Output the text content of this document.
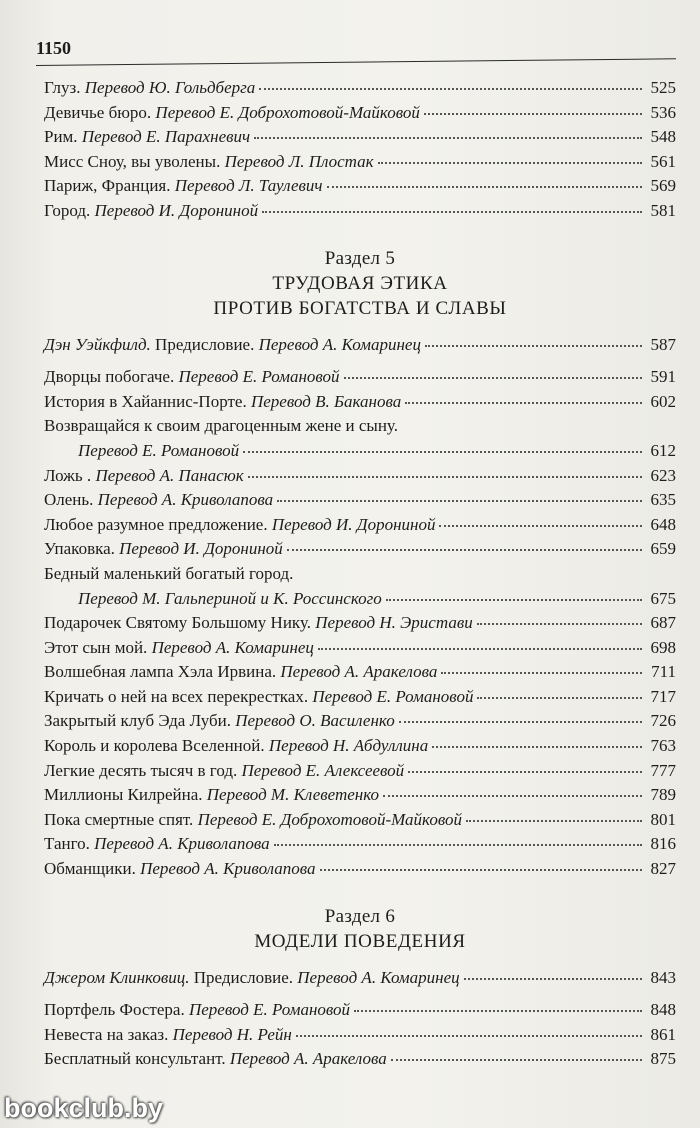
1150
Глуз. Перевод Ю. Гольдберга	525
Девичье бюро. Перевод Е. Доброхотовой-Майковой	536
Рим. Перевод Е. Парахневич	548
Мисс Сноу, вы уволены. Перевод Л. Плостак	561
Париж, Франция. Перевод Л. Таулевич	569
Город. Перевод И. Дорониной	581
Раздел 5
ТРУДОВАЯ ЭТИКА
ПРОТИВ БОГАТСТВА И СЛАВЫ
Дэн Уэйкфилд. Предисловие. Перевод А. Комаринец	587
Дворцы побогаче. Перевод Е. Романовой	591
История в Хайаннис-Порте. Перевод В. Баканова	602
Возвращайся к своим драгоценным жене и сыну.
Перевод Е. Романовой	612
Ложь . Перевод А. Панасюк	623
Олень. Перевод А. Криволапова	635
Любое разумное предложение. Перевод И. Дорониной	648
Упаковка. Перевод И. Дорониной	659
Бедный маленький богатый город.
Перевод М. Гальпериной и К. Россинского	675
Подарочек Святому Большому Нику. Перевод Н. Эристави	687
Этот сын мой. Перевод А. Комаринец	698
Волшебная лампа Хэла Ирвина. Перевод А. Аракелова	711
Кричать о ней на всех перекрестках. Перевод Е. Романовой	717
Закрытый клуб Эда Луби. Перевод О. Василенко	726
Король и королева Вселенной. Перевод Н. Абдуллина	763
Легкие десять тысяч в год. Перевод Е. Алексеевой	777
Миллионы Килрейна. Перевод М. Клеветенко	789
Пока смертные спят. Перевод Е. Доброхотовой-Майковой	801
Танго. Перевод А. Криволапова	816
Обманщики. Перевод А. Криволапова	827
Раздел 6
МОДЕЛИ ПОВЕДЕНИЯ
Джером Клинковиц. Предисловие. Перевод А. Комаринец	843
Портфель Фостера. Перевод Е. Романовой	848
Невеста на заказ. Перевод Н. Рейн	861
Бесплатный консультант. Перевод А. Аракелова	875
bookclub.by
